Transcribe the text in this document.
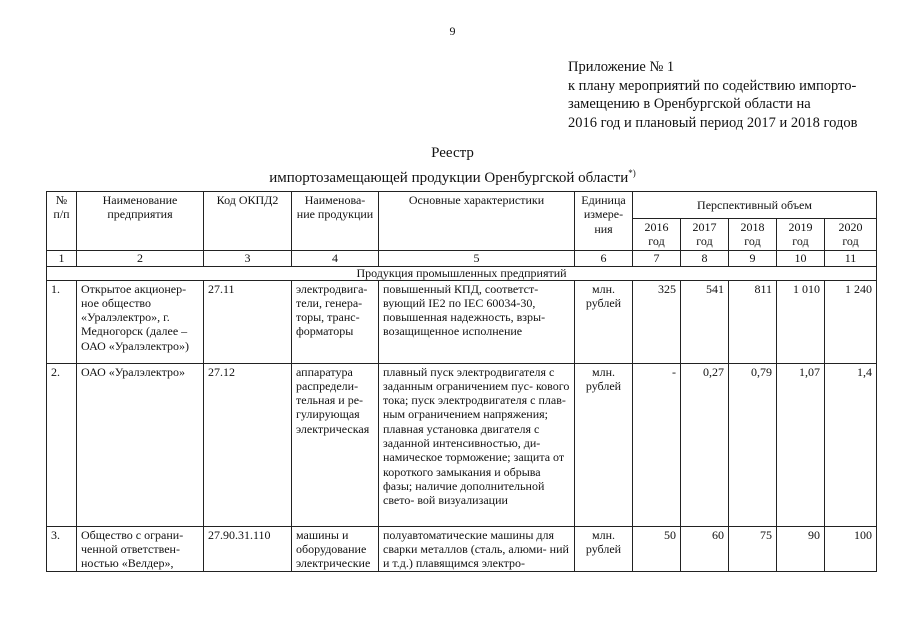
9
Приложение № 1
к плану мероприятий по содействию импорто-
замещению в Оренбургской области на
2016 год и плановый период 2017 и 2018 годов
Реестр
импортозамещающей продукции Оренбургской области*)
№ п/п	Наименование предприятия	Код ОКПД2	Наименова- ние продукции	Основные характеристики	Единица измере- ния	Перспективный объем				
						2016 год	2017 год	2018 год	2019 год	2020 год
1	2	3	4	5	6	7	8	9	10	11
Продукция промышленных предприятий										
1.	Открытое акционер- ное общество «Уралэлектро», г. Медногорск (далее – ОАО «Уралэлектро»)	27.11	электродвига- тели, генера- торы, транс- форматоры	повышенный КПД, соответст- вующий IE2 по IEC 60034-30, повышенная надежность, взры- возащищенное исполнение	млн. рублей	325	541	811	1 010	1 240
2.	ОАО «Уралэлектро»	27.12	аппаратура распредели- тельная и ре- гулирующая электрическая	плавный пуск электродвигателя с заданным ограничением пус- кового тока; пуск электродвигателя с плав- ным ограничением напряжения; плавная установка двигателя с заданной интенсивностью, ди- намическое торможение; защита от короткого замыкания и обрыва фазы; наличие дополнительной свето- вой визуализации	млн. рублей	-	0,27	0,79	1,07	1,4
3.	Общество с ограни- ченной ответствен- ностью «Велдер»,	27.90.31.110	машины и оборудование электрические	полуавтоматические машины для сварки металлов (сталь, алюми- ний и т.д.) плавящимся электро-	млн. рублей	50	60	75	90	100
